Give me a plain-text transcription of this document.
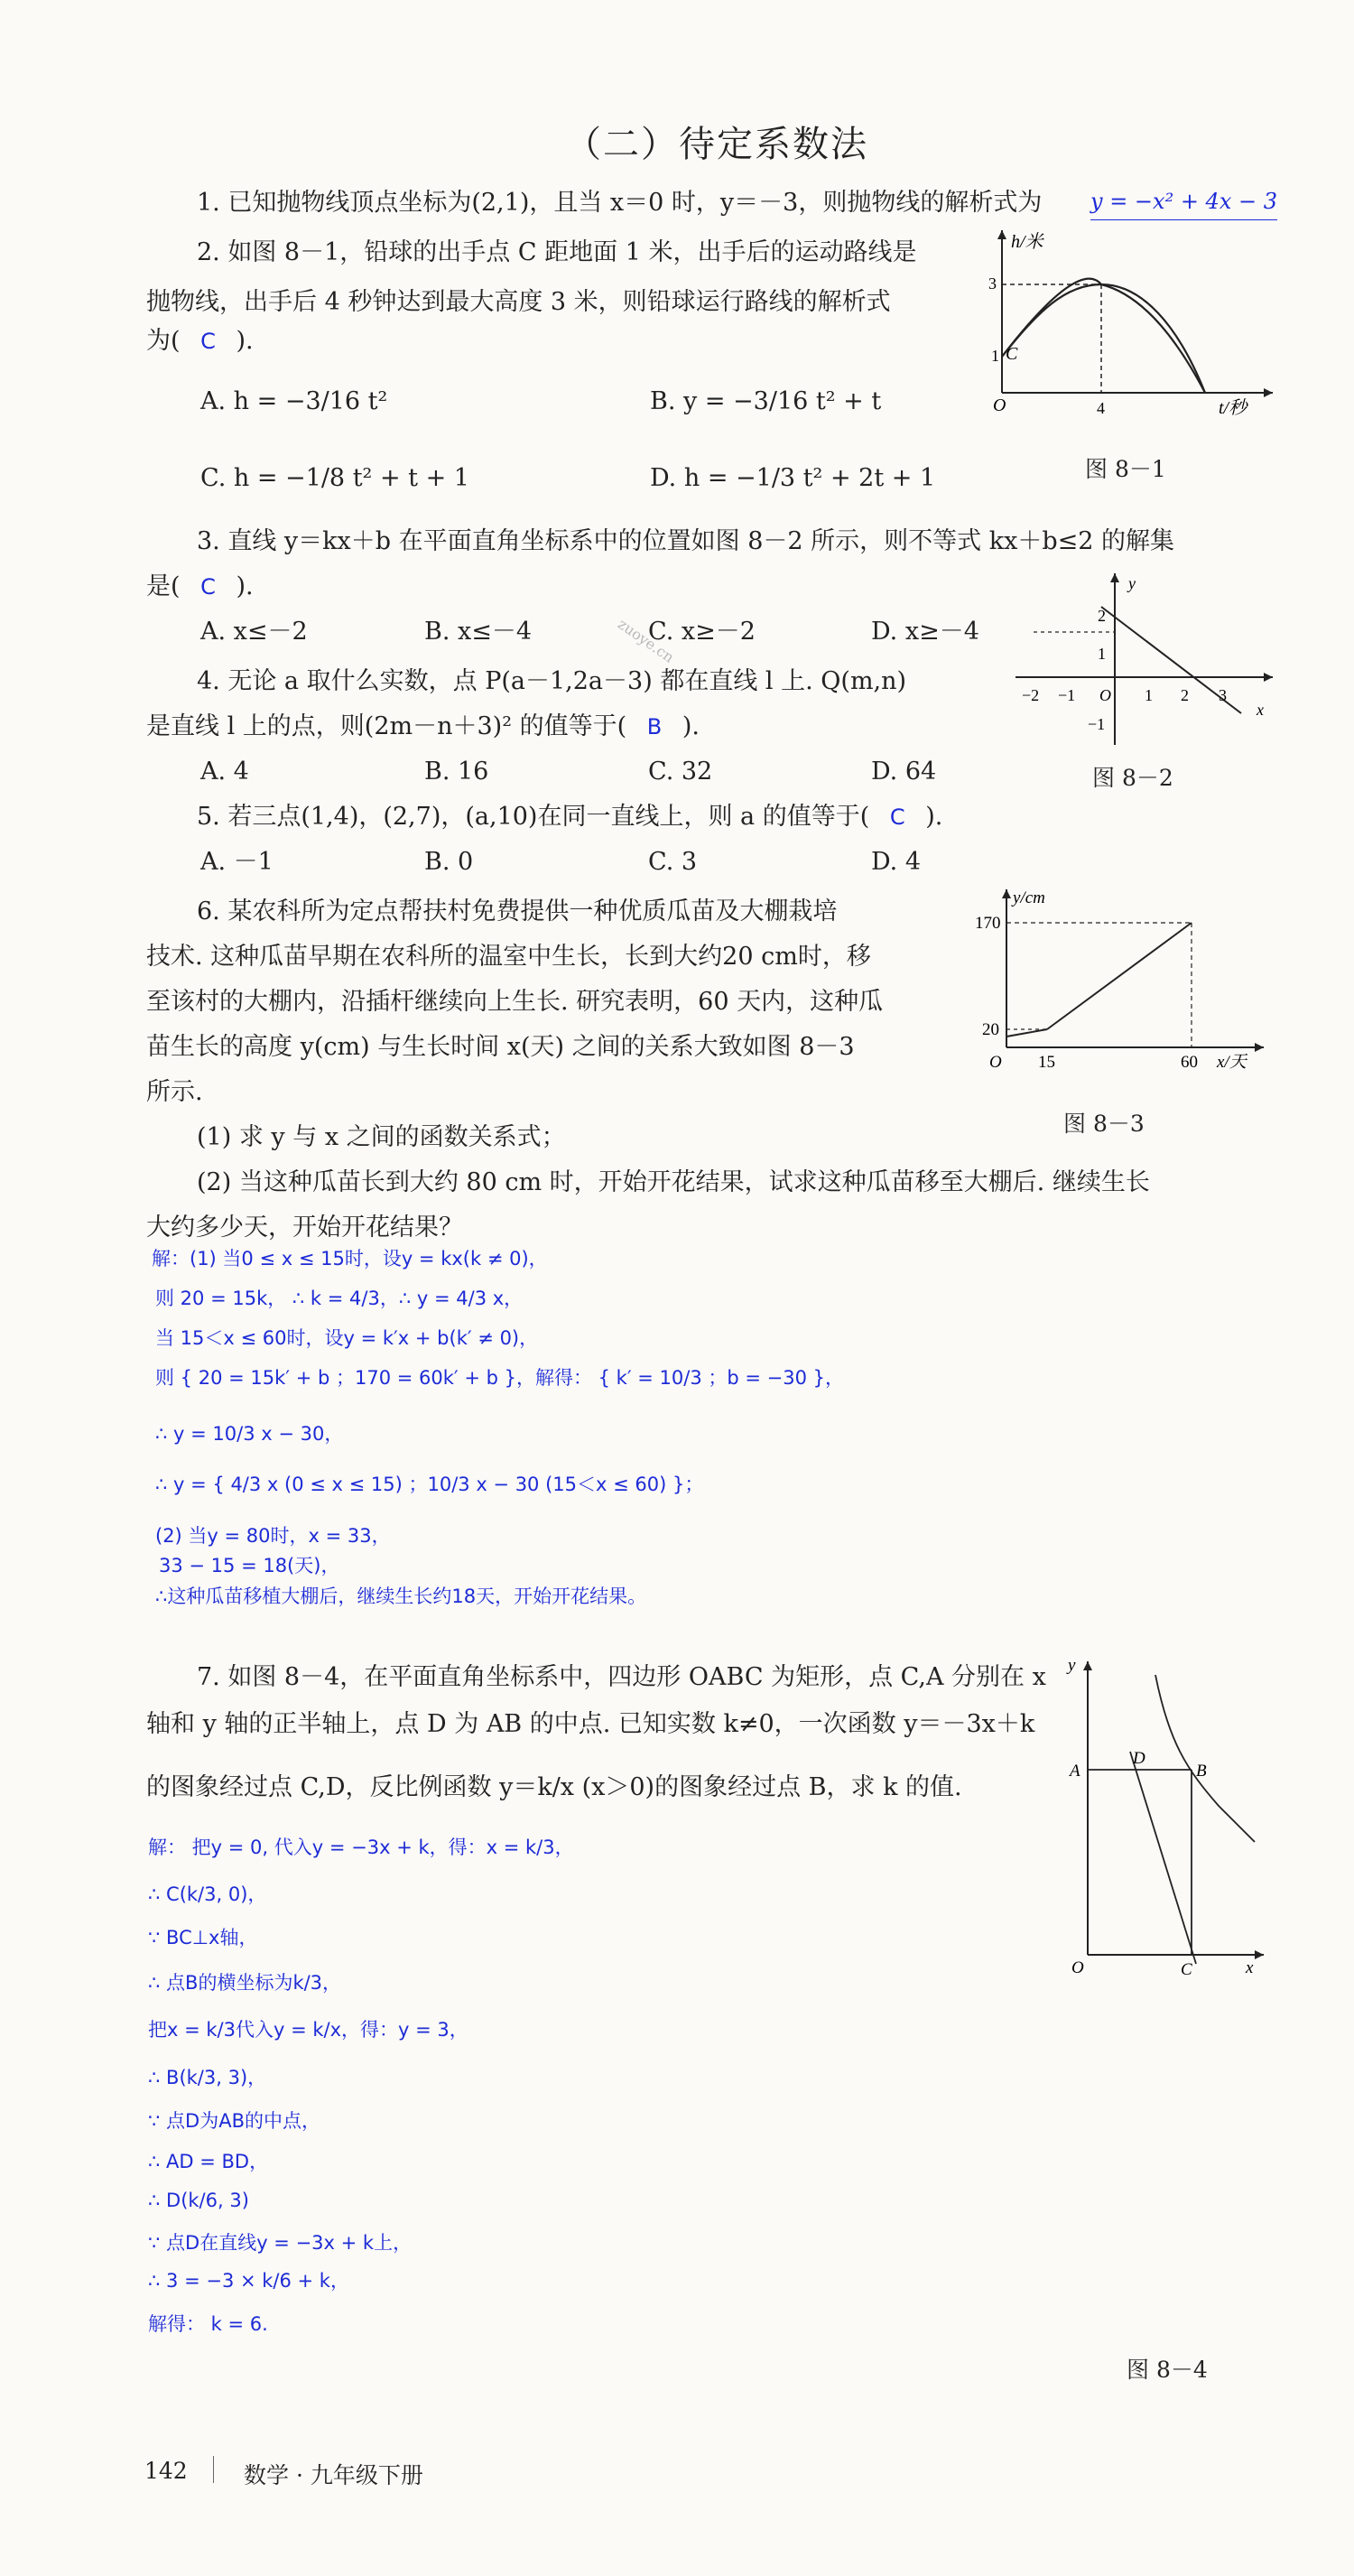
（二）待定系数法
1. 已知抛物线顶点坐标为(2,1)，且当 x＝0 时，y＝－3，则抛物线的解析式为 y = −x² + 4x − 3
2. 如图 8－1，铅球的出手点 C 距地面 1 米，出手后的运动路线是
抛物线，出手后 4 秒钟达到最大高度 3 米，则铅球运行路线的解析式
为( C ).
A. h = −3/16 t²	B. y = −3/16 t² + t
C. h = −1/8 t² + t + 1	D. h = −1/3 t² + 2t + 1
h/米
t/秒
O
C
1
3
4
图 8－1
3. 直线 y＝kx＋b 在平面直角坐标系中的位置如图 8－2 所示，则不等式 kx＋b≤2 的解集
是( C ).
A. x≤－2	B. x≤－4	C. x≥－2	D. x≥－4
zuoye.cn
y
x
O
−2 −1	1 2 3
2
1
−1
图 8－2
4. 无论 a 取什么实数，点 P(a－1,2a－3) 都在直线 l 上. Q(m,n)
是直线 l 上的点，则(2m－n＋3)² 的值等于( B ).
A. 4	B. 16	C. 32	D. 64
5. 若三点(1,4)，(2,7)，(a,10)在同一直线上，则 a 的值等于( C ).
A. －1	B. 0	C. 3	D. 4
6. 某农科所为定点帮扶村免费提供一种优质瓜苗及大棚栽培
技术. 这种瓜苗早期在农科所的温室中生长，长到大约20 cm时，移
至该村的大棚内，沿插杆继续向上生长. 研究表明，60 天内，这种瓜
苗生长的高度 y(cm) 与生长时间 x(天) 之间的关系大致如图 8－3
所示.
(1) 求 y 与 x 之间的函数关系式；
(2) 当这种瓜苗长到大约 80 cm 时，开始开花结果，试求这种瓜苗移至大棚后. 继续生长
大约多少天，开始开花结果？
y/cm
x/天
O
170
20
15	60
图 8－3
解：(1) 当0 ≤ x ≤ 15时，设y = kx(k ≠ 0)，
则 20 = 15k， ∴ k = 4/3，∴ y = 4/3 x，
当 15＜x ≤ 60时，设y = k′x + b(k′ ≠ 0)，
则 { 20 = 15k′ + b ；170 = 60k′ + b }，解得： { k′ = 10/3 ；b = −30 }，
∴ y = 10/3 x − 30，
∴ y = { 4/3 x (0 ≤ x ≤ 15) ；10/3 x − 30 (15＜x ≤ 60) }；
(2) 当y = 80时，x = 33，
33 − 15 = 18(天)，
∴这种瓜苗移植大棚后，继续生长约18天，开始开花结果。
7. 如图 8－4，在平面直角坐标系中，四边形 OABC 为矩形，点 C,A 分别在 x
轴和 y 轴的正半轴上，点 D 为 AB 的中点. 已知实数 k≠0，一次函数 y＝－3x＋k
的图象经过点 C,D，反比例函数 y＝k/x (x＞0)的图象经过点 B，求 k 的值.
y
x
O
A
D
B
C
图 8－4
解： 把y = 0, 代入y = −3x + k，得：x = k/3，
∴ C(k/3, 0)，
∵ BC⊥x轴，
∴ 点B的横坐标为k/3，
把x = k/3代入y = k/x，得：y = 3，
∴ B(k/3, 3)，
∵ 点D为AB的中点，
∴ AD = BD，
∴ D(k/6, 3)
∵ 点D在直线y = −3x + k上，
∴ 3 = −3 × k/6 + k，
解得： k = 6.
142 数学 · 九年级下册
